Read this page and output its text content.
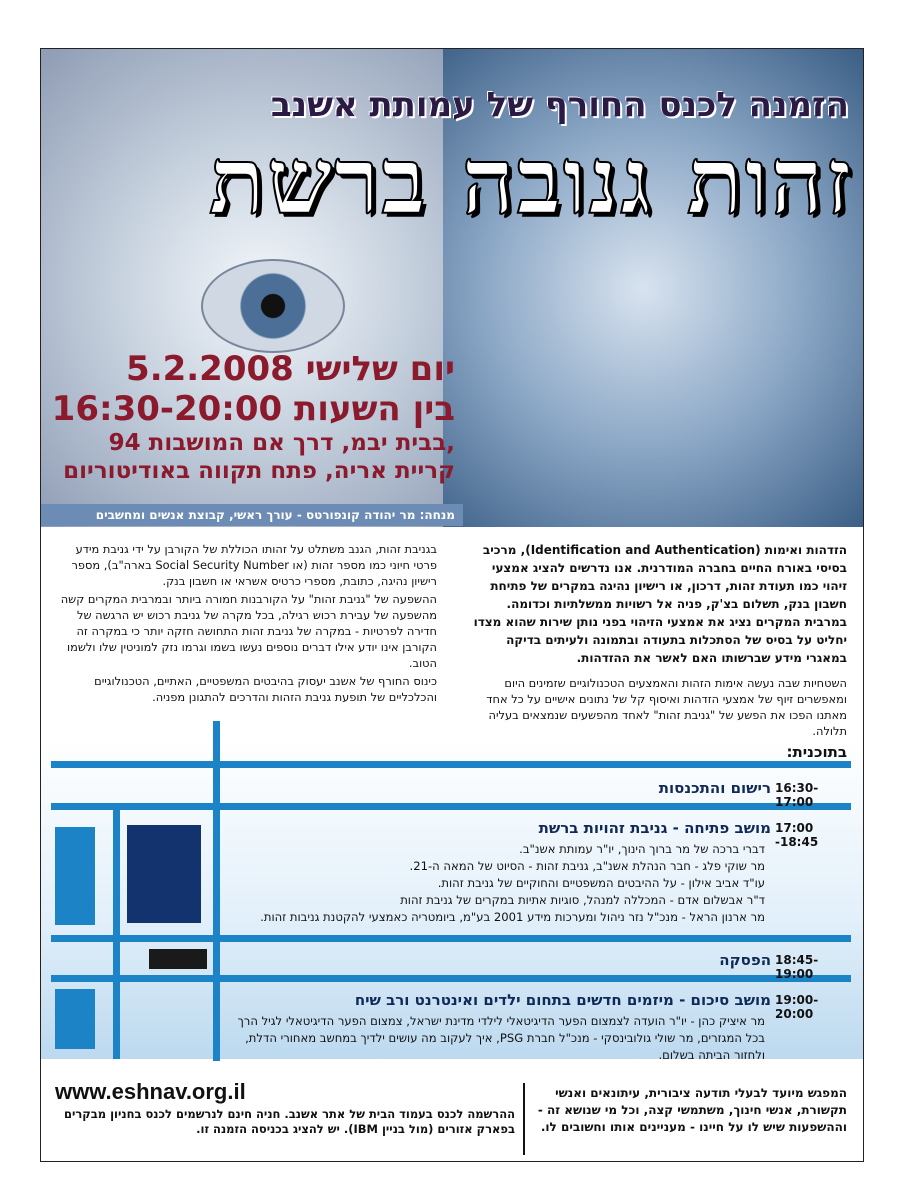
הזמנה לכנס החורף של עמותת אשנב
זהות גנובה ברשת
יום שלישי 5.2.2008
בין השעות 16:30-20:00
בבית יבמ, דרך אם המושבות 94,
קריית אריה, פתח תקווה באודיטוריום
מנחה: מר יהודה קונפורטס - עורך ראשי, קבוצת אנשים ומחשבים

הזדהות ואימות (Identification and Authentication), מרכיב בסיסי באורח החיים בחברה המודרנית. אנו נדרשים להציג אמצעי זיהוי כמו תעודת זהות, דרכון, או רישיון נהיגה במקרים של פתיחת חשבון בנק, תשלום בצ'ק, פניה אל רשויות ממשלתיות וכדומה. במרבית המקרים נציג את אמצעי הזיהוי בפני נותן שירות שהוא מצדו יחליט על בסיס של הסתכלות בתעודה ובתמונה ולעיתים בדיקה במאגרי מידע שברשותו האם לאשר את ההזדהות.

השטחיות שבה נעשה אימות הזהות והאמצעים הטכנולוגיים שזמינים היום ומאפשרים זיוף של אמצעי הזדהות ואיסוף קל של נתונים אישיים על כל אחד מאתנו הפכו את הפשע של "גניבת זהות" לאחד מהפשעים שנמצאים בעליה תלולה.

בגניבת זהות, הגנב משתלט על זהותו הכוללת של הקורבן על ידי גניבת מידע פרטי חיוני כמו מספר זהות (או Social Security Number בארה"ב), מספר רישיון נהיגה, כתובת, מספרי כרטיס אשראי או חשבון בנק.

ההשפעה של "גניבת זהות" על הקורבנות חמורה ביותר ובמרבית המקרים קשה מהשפעה של עבירת רכוש רגילה, בכל מקרה של גניבת רכוש יש הרגשה של חדירה לפרטיות - במקרה של גניבת זהות התחושה חזקה יותר כי במקרה זה הקורבן אינו יודע אילו דברים נוספים נעשו בשמו וגרמו נזק למוניטין שלו ולשמו הטוב.

כינוס החורף של אשנב יעסוק בהיבטים המשפטיים, האתיים, הטכנולוגיים והכלכליים של תופעת גניבת הזהות והדרכים להתגונן מפניה.

בתוכנית:
16:30-17:00
רישום והתכנסות
17:00 -18:45
מושב פתיחה - גניבת זהויות ברשת
דברי ברכה של מר ברוך הינוך, יו"ר עמותת אשנ"ב.
מר שוקי פלג - חבר הנהלת אשנ"ב, גניבת זהות - הסיוט של המאה ה-21.
עו"ד אביב אילון - על ההיבטים המשפטיים והחוקיים של גניבת זהות.
ד"ר אבשלום אדם - המכללה למנהל, סוגיות אתיות במקרים של גניבת זהות
מר ארנון הראל - מנכ"ל נזר ניהול ומערכות מידע 2001 בע"מ, ביומטריה כאמצעי להקטנת גניבות זהות.
18:45-19:00
הפסקה
19:00-20:00
מושב סיכום - מיזמים חדשים בתחום ילדים ואינטרנט ורב שיח
מר איציק כהן - יו"ר הועדה לצמצום הפער הדיגיטאלי לילדי מדינת ישראל, צמצום הפער הדיגיטאלי לגיל הרך
בכל המגזרים, מר שולי גולובינסקי - מנכ"ל חברת PSG, איך לעקוב מה עושים ילדיך במחשב מאחורי הדלת,
ולחזור הביתה בשלום.
המפגש מיועד לבעלי תודעה ציבורית, עיתונאים ואנשי תקשורת, אנשי חינוך, משתמשי קצה, וכל מי שנושא זה - וההשפעות שיש לו על חיינו - מעניינים אותו וחשובים לו.
www.eshnav.org.il
ההרשמה לכנס בעמוד הבית של אתר אשנב. חניה חינם לנרשמים לכנס בחניון מבקרים בפארק אזורים (מול בניין IBM). יש להציג בכניסה הזמנה זו.
